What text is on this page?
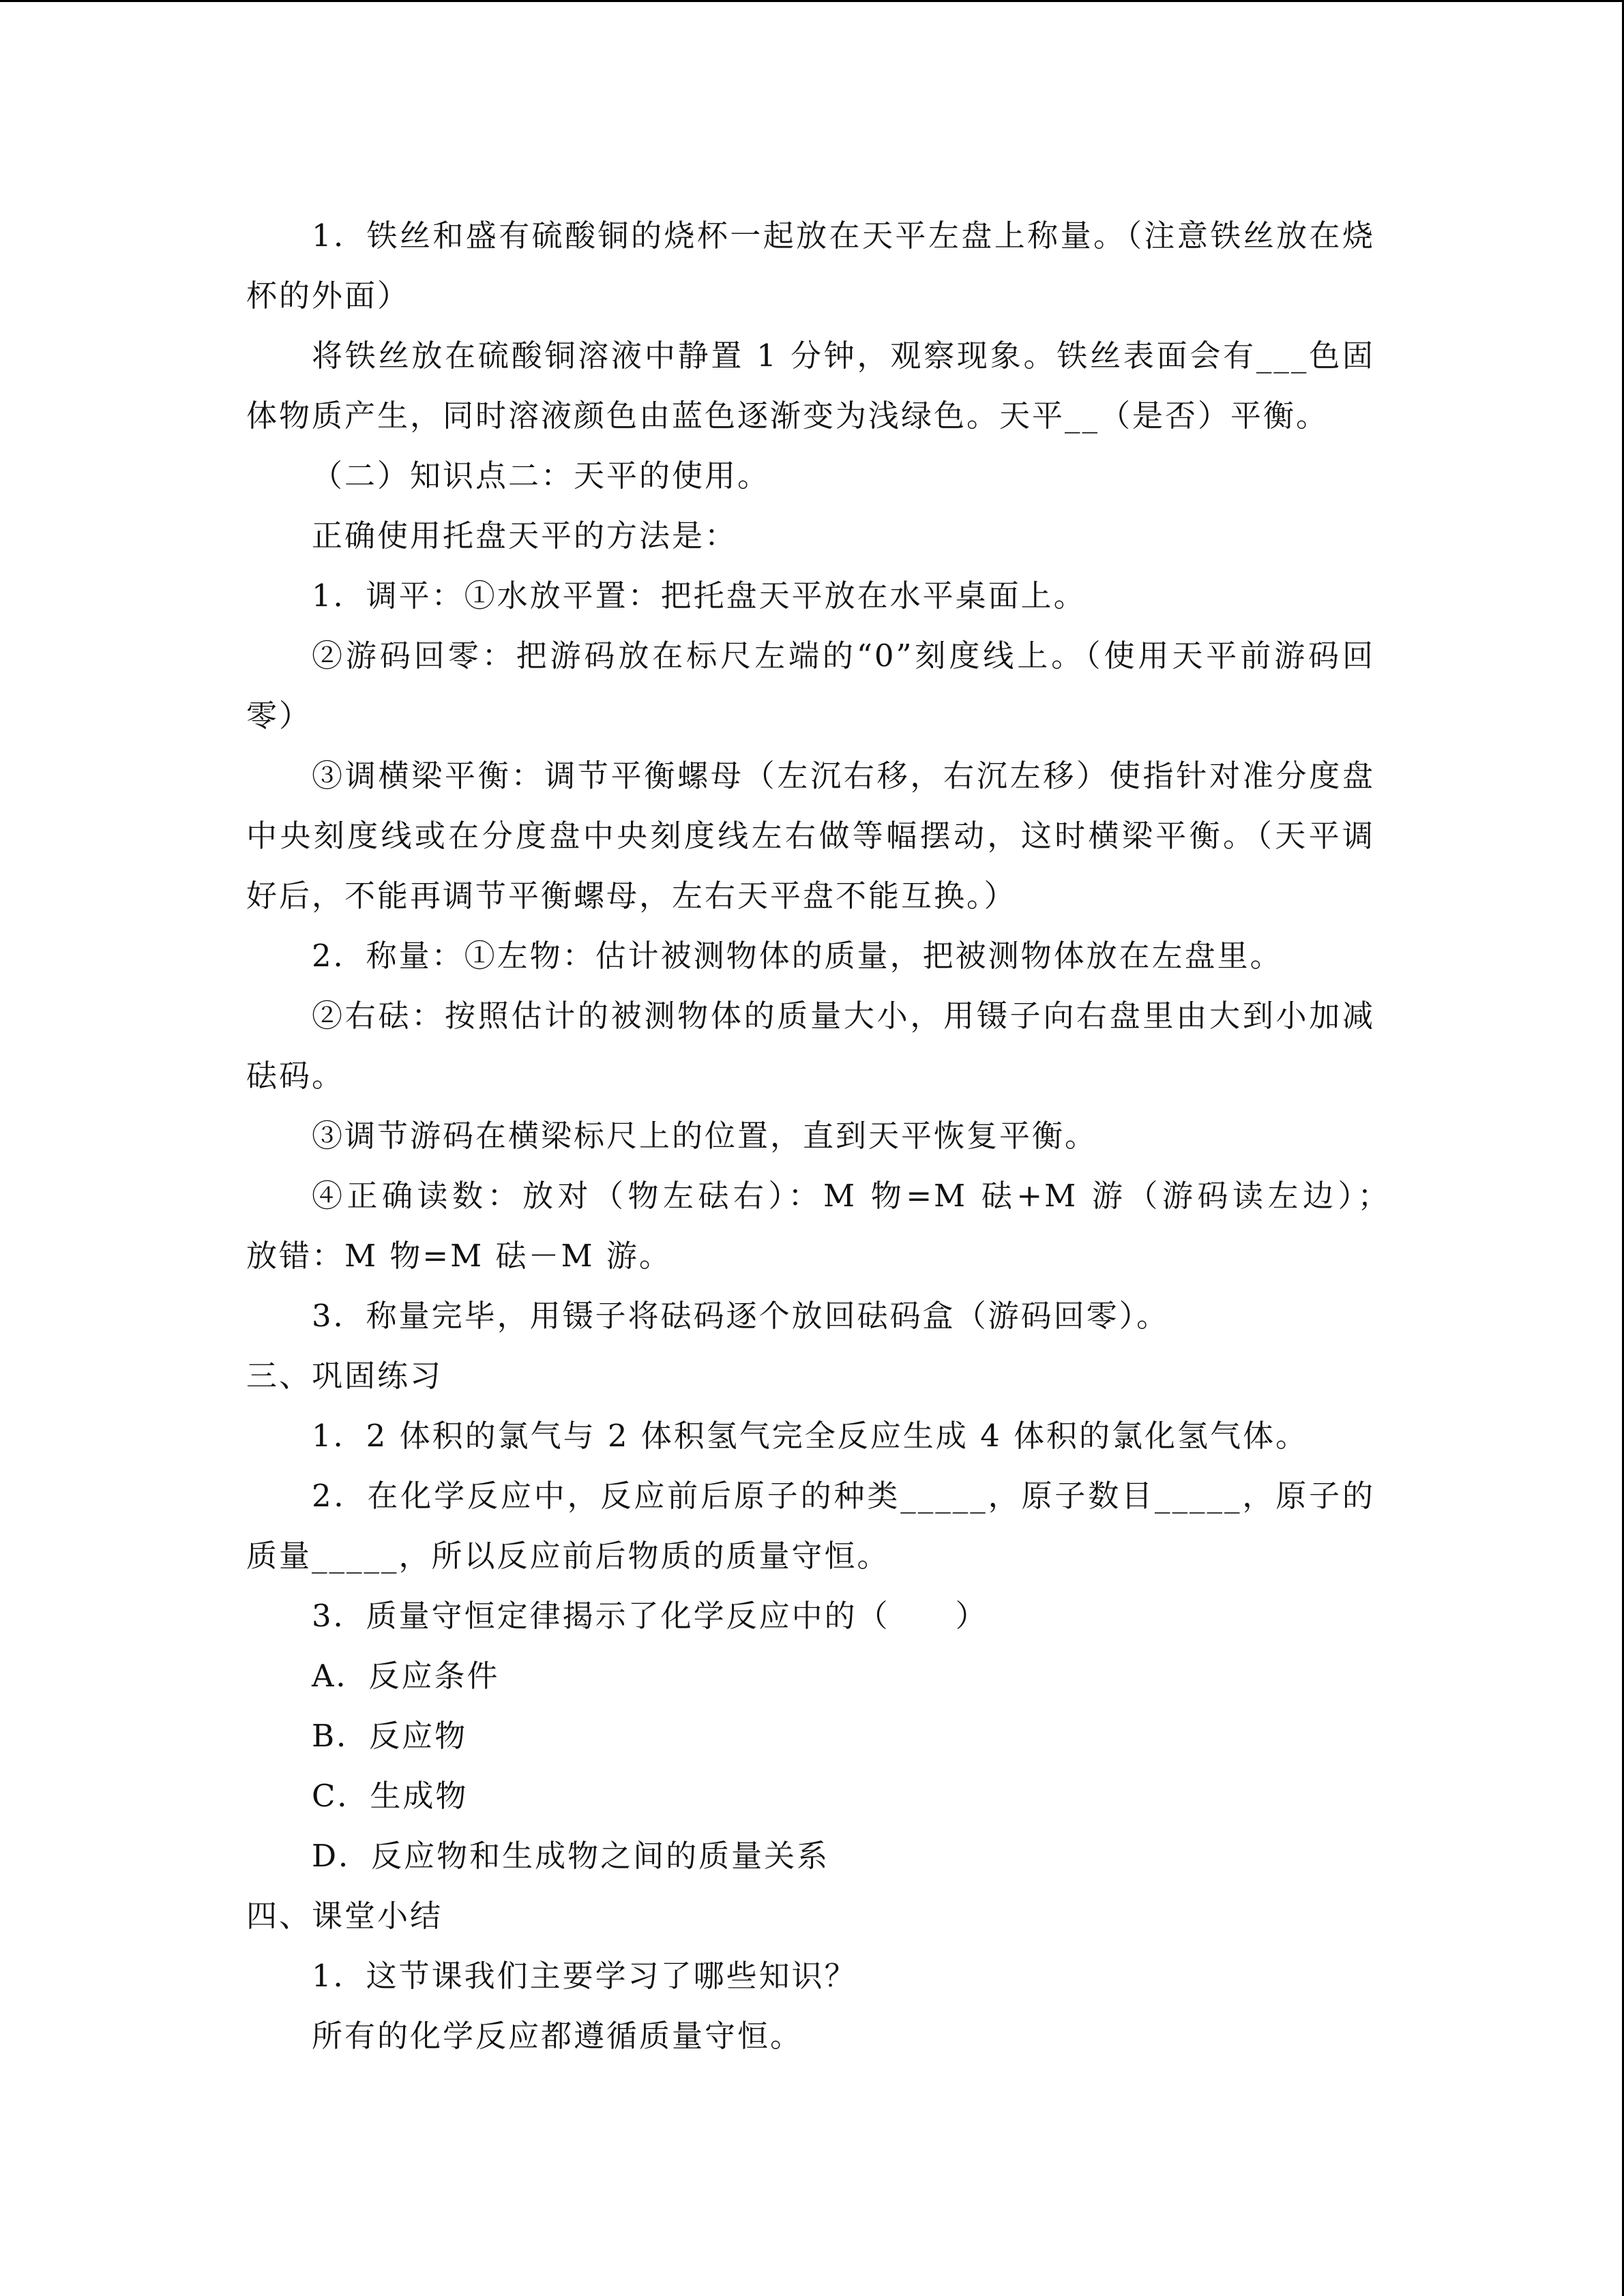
1．铁丝和盛有硫酸铜的烧杯一起放在天平左盘上称量。（注意铁丝放在烧杯的外面）

将铁丝放在硫酸铜溶液中静置 1 分钟，观察现象。铁丝表面会有___色固体物质产生，同时溶液颜色由蓝色逐渐变为浅绿色。天平__（是否）平衡。

（二）知识点二：天平的使用。

正确使用托盘天平的方法是：

1．调平：①水放平置：把托盘天平放在水平桌面上。

②游码回零：把游码放在标尺左端的“0”刻度线上。（使用天平前游码回零）

③调横梁平衡：调节平衡螺母（左沉右移，右沉左移）使指针对准分度盘中央刻度线或在分度盘中央刻度线左右做等幅摆动，这时横梁平衡。（天平调好后，不能再调节平衡螺母，左右天平盘不能互换。）

2．称量：①左物：估计被测物体的质量，把被测物体放在左盘里。

②右砝：按照估计的被测物体的质量大小，用镊子向右盘里由大到小加减砝码。

③调节游码在横梁标尺上的位置，直到天平恢复平衡。

④正确读数：放对（物左砝右）：M 物=M 砝+M 游（游码读左边）；　　放错：M 物=M 砝－M 游。

3．称量完毕，用镊子将砝码逐个放回砝码盒（游码回零）。

三、巩固练习

1．2 体积的氯气与 2 体积氢气完全反应生成 4 体积的氯化氢气体。

2．在化学反应中，反应前后原子的种类_____，原子数目_____，原子的质量_____，所以反应前后物质的质量守恒。

3．质量守恒定律揭示了化学反应中的（　　）

A．反应条件

B．反应物

C．生成物

D．反应物和生成物之间的质量关系

四、课堂小结

1．这节课我们主要学习了哪些知识？

所有的化学反应都遵循质量守恒。
